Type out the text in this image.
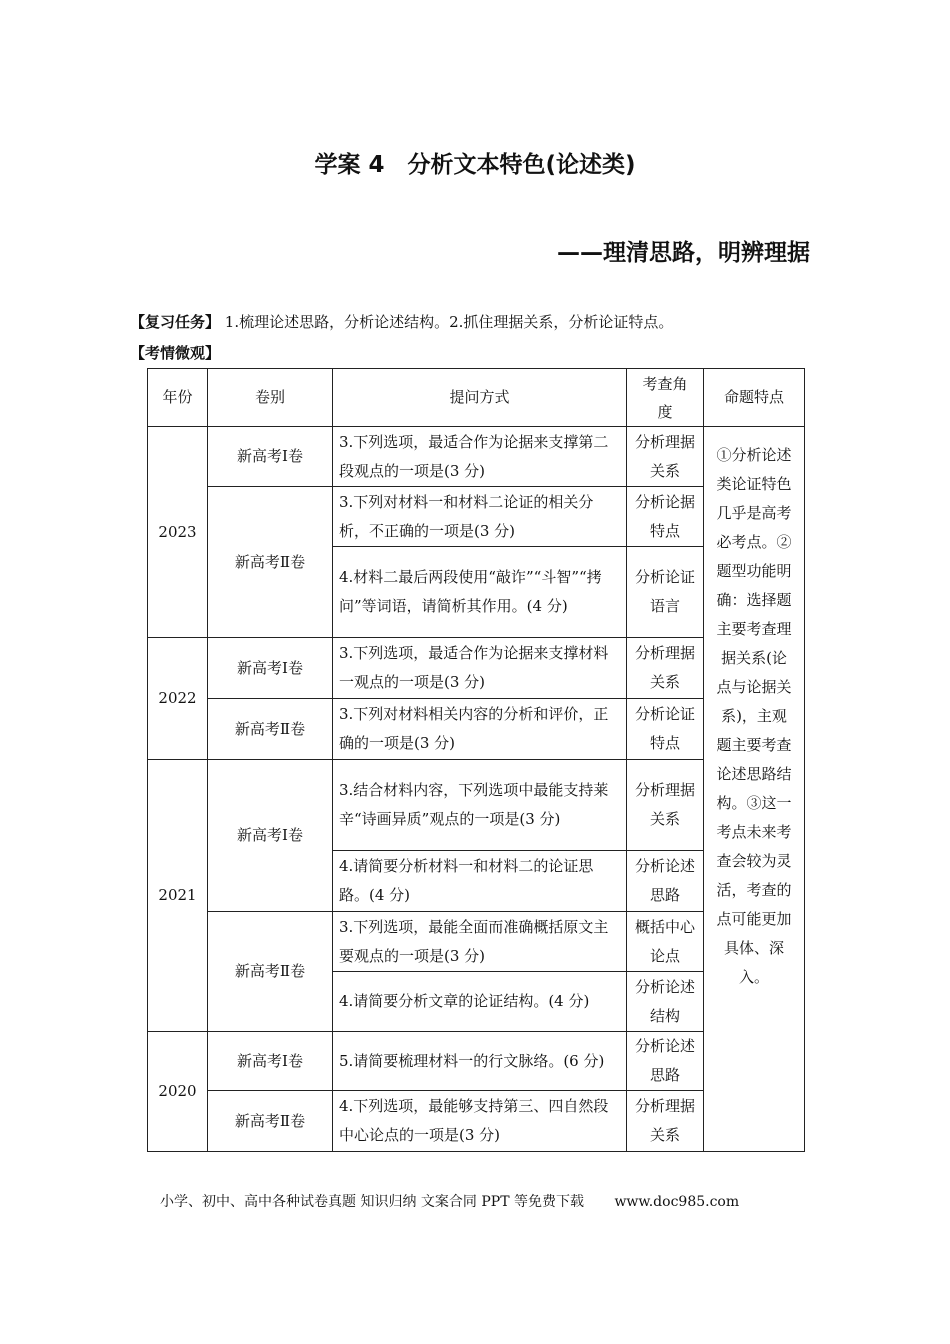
学案 4　分析文本特色(论述类)
——理清思路，明辨理据
【复习任务】 1.梳理论述思路，分析论述结构。2.抓住理据关系，分析论证特点。
【考情微观】
年份	卷别	提问方式	考查角度	命题特点
2023	新高考Ⅰ卷	3.下列选项，最适合作为论据来支撑第二段观点的一项是(3 分)	分析理据关系	①分析论述类论证特色几乎是高考必考点。②题型功能明确：选择题主要考查理据关系(论点与论据关系)，主观题主要考查论述思路结构。③这一考点未来考查会较为灵活，考查的点可能更加具体、深入。

	新高考Ⅱ卷	3.下列对材料一和材料二论证的相关分析，不正确的一项是(3 分)	分析论据特点	
		4.材料二最后两段使用“敲诈”“斗智”“拷问”等词语，请简析其作用。(4 分)	分析论证语言	
2022	新高考Ⅰ卷	3.下列选项，最适合作为论据来支撑材料一观点的一项是(3 分)	分析理据关系	
	新高考Ⅱ卷	3.下列对材料相关内容的分析和评价，正确的一项是(3 分)	分析论证特点	
2021	新高考Ⅰ卷	3.结合材料内容，下列选项中最能支持莱辛“诗画异质”观点的一项是(3 分)	分析理据关系	
		4.请简要分析材料一和材料二的论证思路。(4 分)	分析论述思路	
	新高考Ⅱ卷	3.下列选项，最能全面而准确概括原文主要观点的一项是(3 分)	概括中心论点	
		4.请简要分析文章的论证结构。(4 分)	分析论述结构	
2020	新高考Ⅰ卷	5.请简要梳理材料一的行文脉络。(6 分)	分析论述思路	
	新高考Ⅱ卷	4.下列选项，最能够支持第三、四自然段中心论点的一项是(3 分)	分析理据关系	
小学、初中、高中各种试卷真题 知识归纳 文案合同 PPT 等免费下载 www.doc985.com
